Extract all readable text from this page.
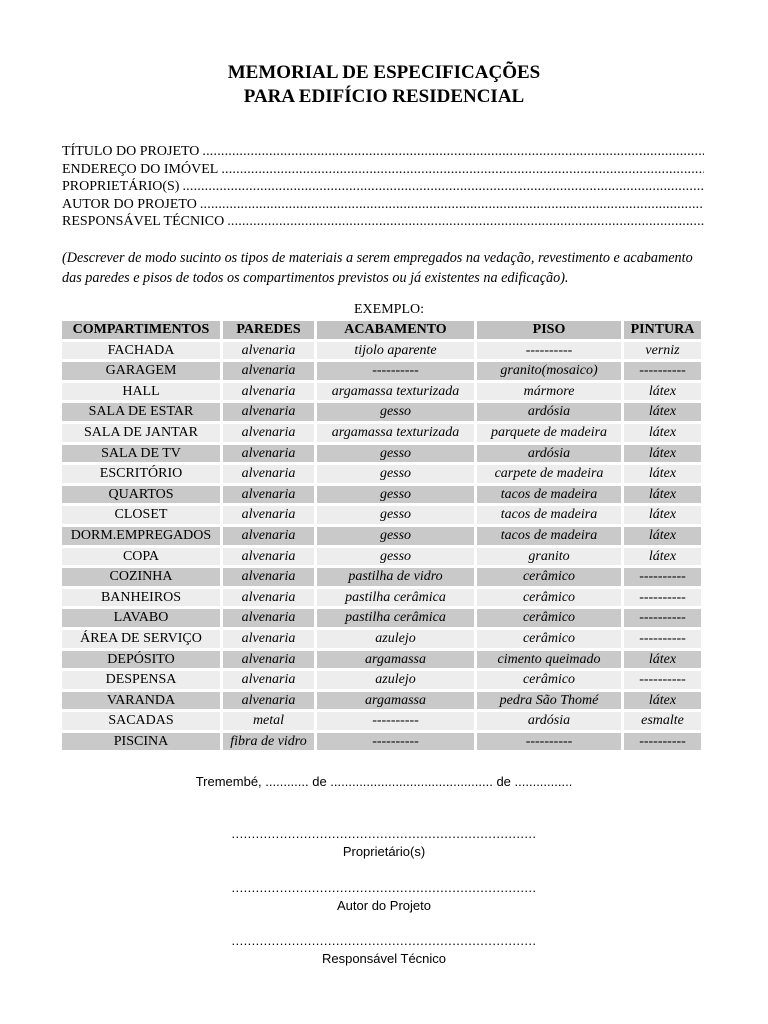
MEMORIAL DE ESPECIFICAÇÕES
PARA EDIFÍCIO RESIDENCIAL
TÍTULO DO PROJETO
.....
ENDEREÇO DO IMÓVEL
.....
PROPRIETÁRIO(S)
.....
AUTOR DO PROJETO
.....
RESPONSÁVEL TÉCNICO
.....
(Descrever de modo sucinto os tipos de materiais a serem empregados na vedação, revestimento e acabamento das paredes e pisos de todos os compartimentos previstos ou já existentes na edificação).
EXEMPLO:
COMPARTIMENTOS	PAREDES	ACABAMENTO	PISO	PINTURA
FACHADA	alvenaria	tijolo aparente	----------	verniz
GARAGEM	alvenaria	----------	granito(mosaico)	----------
HALL	alvenaria	argamassa texturizada	mármore	látex
SALA DE ESTAR	alvenaria	gesso	ardósia	látex
SALA DE JANTAR	alvenaria	argamassa texturizada	parquete de madeira	látex
SALA DE TV	alvenaria	gesso	ardósia	látex
ESCRITÓRIO	alvenaria	gesso	carpete de madeira	látex
QUARTOS	alvenaria	gesso	tacos de madeira	látex
CLOSET	alvenaria	gesso	tacos de madeira	látex
DORM.EMPREGADOS	alvenaria	gesso	tacos de madeira	látex
COPA	alvenaria	gesso	granito	látex
COZINHA	alvenaria	pastilha de vidro	cerâmico	----------
BANHEIROS	alvenaria	pastilha cerâmica	cerâmico	----------
LAVABO	alvenaria	pastilha cerâmica	cerâmico	----------
ÁREA DE SERVIÇO	alvenaria	azulejo	cerâmico	----------
DEPÓSITO	alvenaria	argamassa	cimento queimado	látex
DESPENSA	alvenaria	azulejo	cerâmico	----------
VARANDA	alvenaria	argamassa	pedra São Thomé	látex
SACADAS	metal	----------	ardósia	esmalte
PISCINA	fibra de vidro	----------	----------	----------
Tremembé, ............ de ............................................. de ................
............................................................................
Proprietário(s)
............................................................................
Autor do Projeto
............................................................................
Responsável Técnico
